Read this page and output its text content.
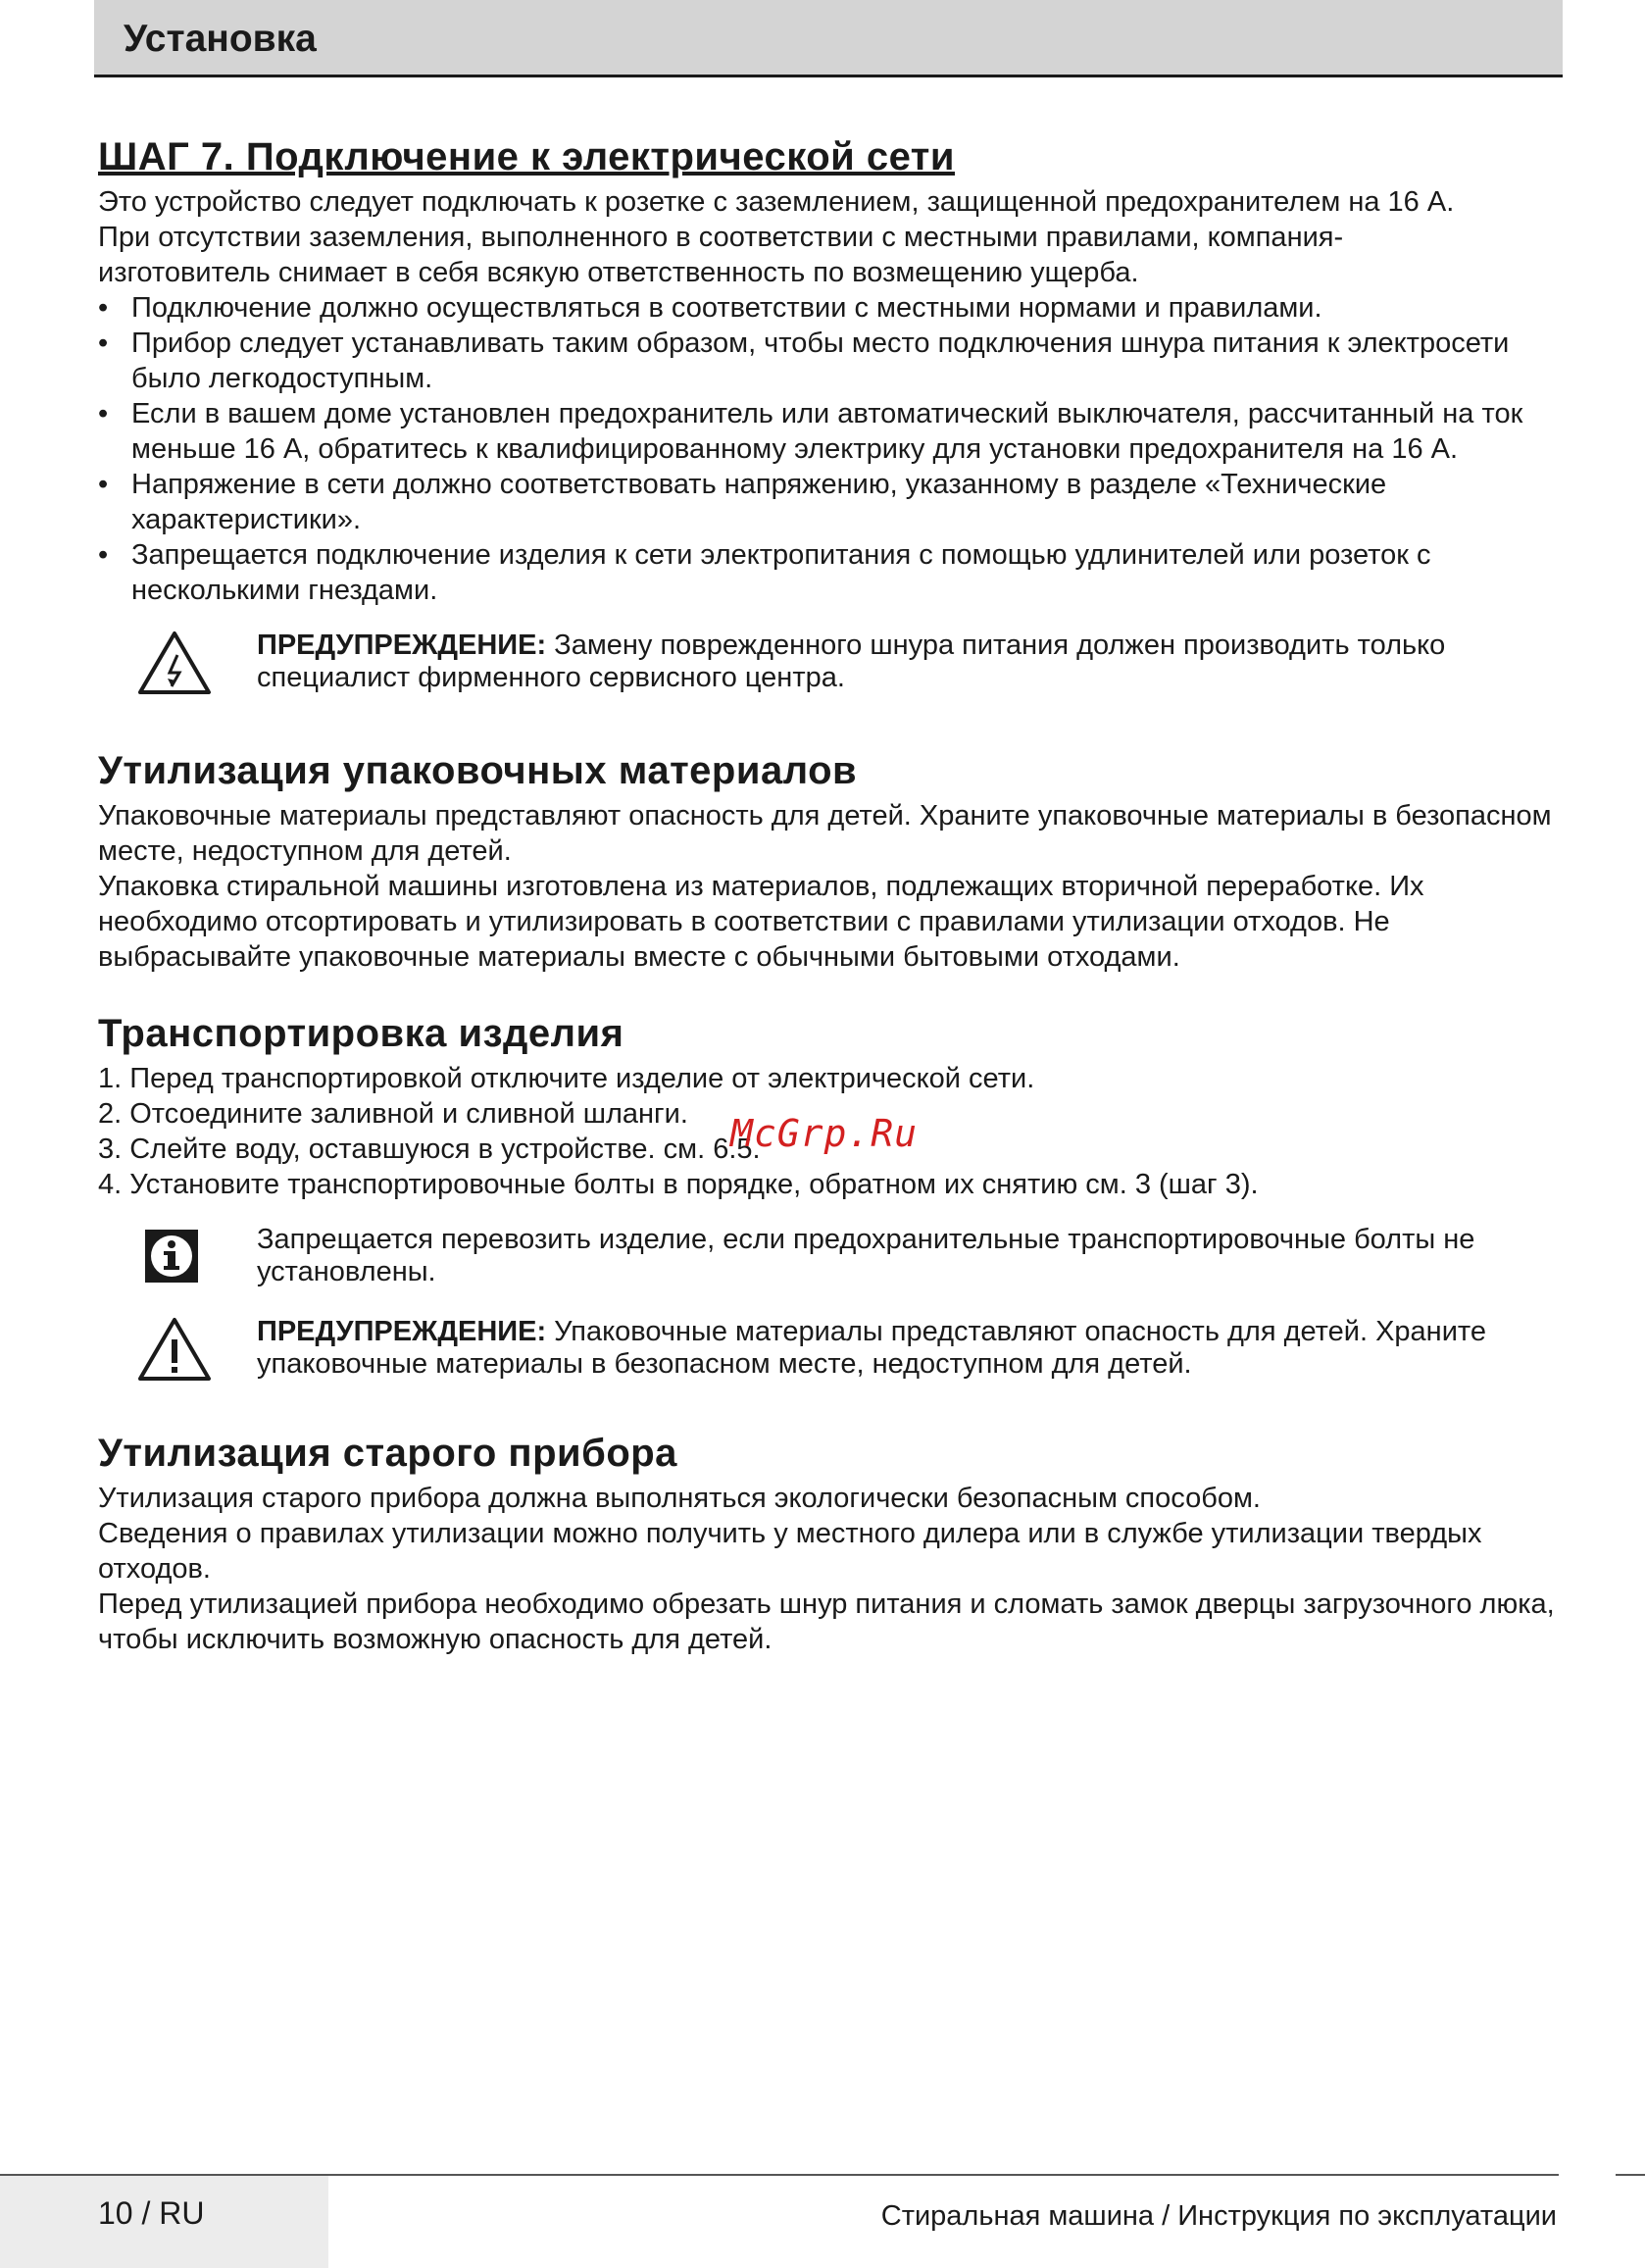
Установка
ШАГ 7. Подключение к электрической сети

Это устройство следует подключать к розетке с заземлением, защищенной предохранителем на 16 А. При отсутствии заземления, выполненного в соответствии с местными правилами, компания-изготовитель снимает в себя всякую ответственность по возмещению ущерба.

• Подключение должно осуществляться в соответствии с местными нормами и правилами.
• Прибор следует устанавливать таким образом, чтобы место подключения шнура питания к электросети было легкодоступным.
• Если в вашем доме установлен предохранитель или автоматический выключателя, рассчитанный на ток меньше 16 А, обратитесь к квалифицированному электрику для установки предохранителя на 16 А.
• Напряжение в сети должно соответствовать напряжению, указанному в разделе «Технические характеристики».
• Запрещается подключение изделия к сети электропитания с помощью удлинителей или розеток с несколькими гнездами.

ПРЕДУПРЕЖДЕНИЕ: Замену поврежденного шнура питания должен производить только специалист фирменного сервисного центра.

Утилизация упаковочных материалов

Упаковочные материалы представляют опасность для детей. Храните упаковочные материалы в безопасном месте, недоступном для детей.

Упаковка стиральной машины изготовлена из материалов, подлежащих вторичной переработке. Их необходимо отсортировать и утилизировать в соответствии с правилами утилизации отходов. Не выбрасывайте упаковочные материалы вместе с обычными бытовыми отходами.

Транспортировка изделия

1. Перед транспортировкой отключите изделие от электрической сети.

2. Отсоедините заливной и сливной шланги.

3. Слейте воду, оставшуюся в устройстве. см. 6.5.

4. Установите транспортировочные болты в порядке, обратном их снятию см. 3 (шаг 3).

Запрещается перевозить изделие, если предохранительные транспортировочные болты не установлены.

ПРЕДУПРЕЖДЕНИЕ: Упаковочные материалы представляют опасность для детей. Храните упаковочные материалы в безопасном месте, недоступном для детей.

Утилизация старого прибора

Утилизация старого прибора должна выполняться экологически безопасным способом.

Сведения о правилах утилизации можно получить у местного дилера или в службе утилизации твердых отходов.

Перед утилизацией прибора необходимо обрезать шнур питания и сломать замок дверцы загрузочного люка, чтобы исключить возможную опасность для детей.

McGrp.Ru
10 / RU	Стиральная машина / Инструкция по эксплуатации
